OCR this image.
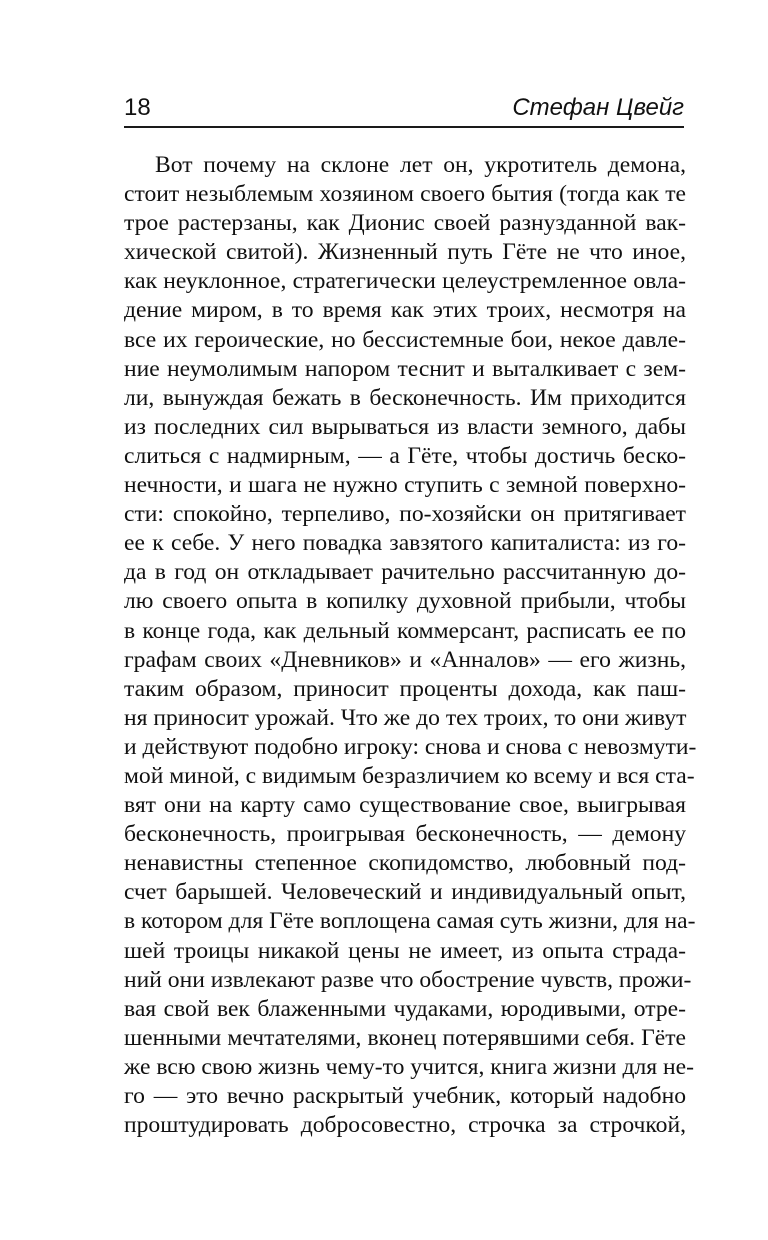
18	Стефан Цвейг
Вот почему на склоне лет он, укротитель демона,
стоит незыблемым хозяином своего бытия (тогда как те
трое растерзаны, как Дионис своей разнузданной вак-
хической свитой). Жизненный путь Гёте не что иное,
как неуклонное, стратегически целеустремленное овла-
дение миром, в то время как этих троих, несмотря на
все их героические, но бессистемные бои, некое давле-
ние неумолимым напором теснит и выталкивает с зем-
ли, вынуждая бежать в бесконечность. Им приходится
из последних сил вырываться из власти земного, дабы
слиться с надмирным, — а Гёте, чтобы достичь беско-
нечности, и шага не нужно ступить с земной поверхно-
сти: спокойно, терпеливо, по-хозяйски он притягивает
ее к себе. У него повадка завзятого капиталиста: из го-
да в год он откладывает рачительно рассчитанную до-
лю своего опыта в копилку духовной прибыли, чтобы
в конце года, как дельный коммерсант, расписать ее по
графам своих «Дневников» и «Анналов» — его жизнь,
таким образом, приносит проценты дохода, как паш-
ня приносит урожай. Что же до тех троих, то они живут
и действуют подобно игроку: снова и снова с невозмути-
мой миной, с видимым безразличием ко всему и вся ста-
вят они на карту само существование свое, выигрывая
бесконечность, проигрывая бесконечность, — демону
ненавистны степенное скопидомство, любовный под-
счет барышей. Человеческий и индивидуальный опыт,
в котором для Гёте воплощена самая суть жизни, для на-
шей троицы никакой цены не имеет, из опыта страда-
ний они извлекают разве что обострение чувств, прожи-
вая свой век блаженными чудаками, юродивыми, отре-
шенными мечтателями, вконец потерявшими себя. Гёте
же всю свою жизнь чему-то учится, книга жизни для не-
го — это вечно раскрытый учебник, который надобно
проштудировать добросовестно, строчка за строчкой,
